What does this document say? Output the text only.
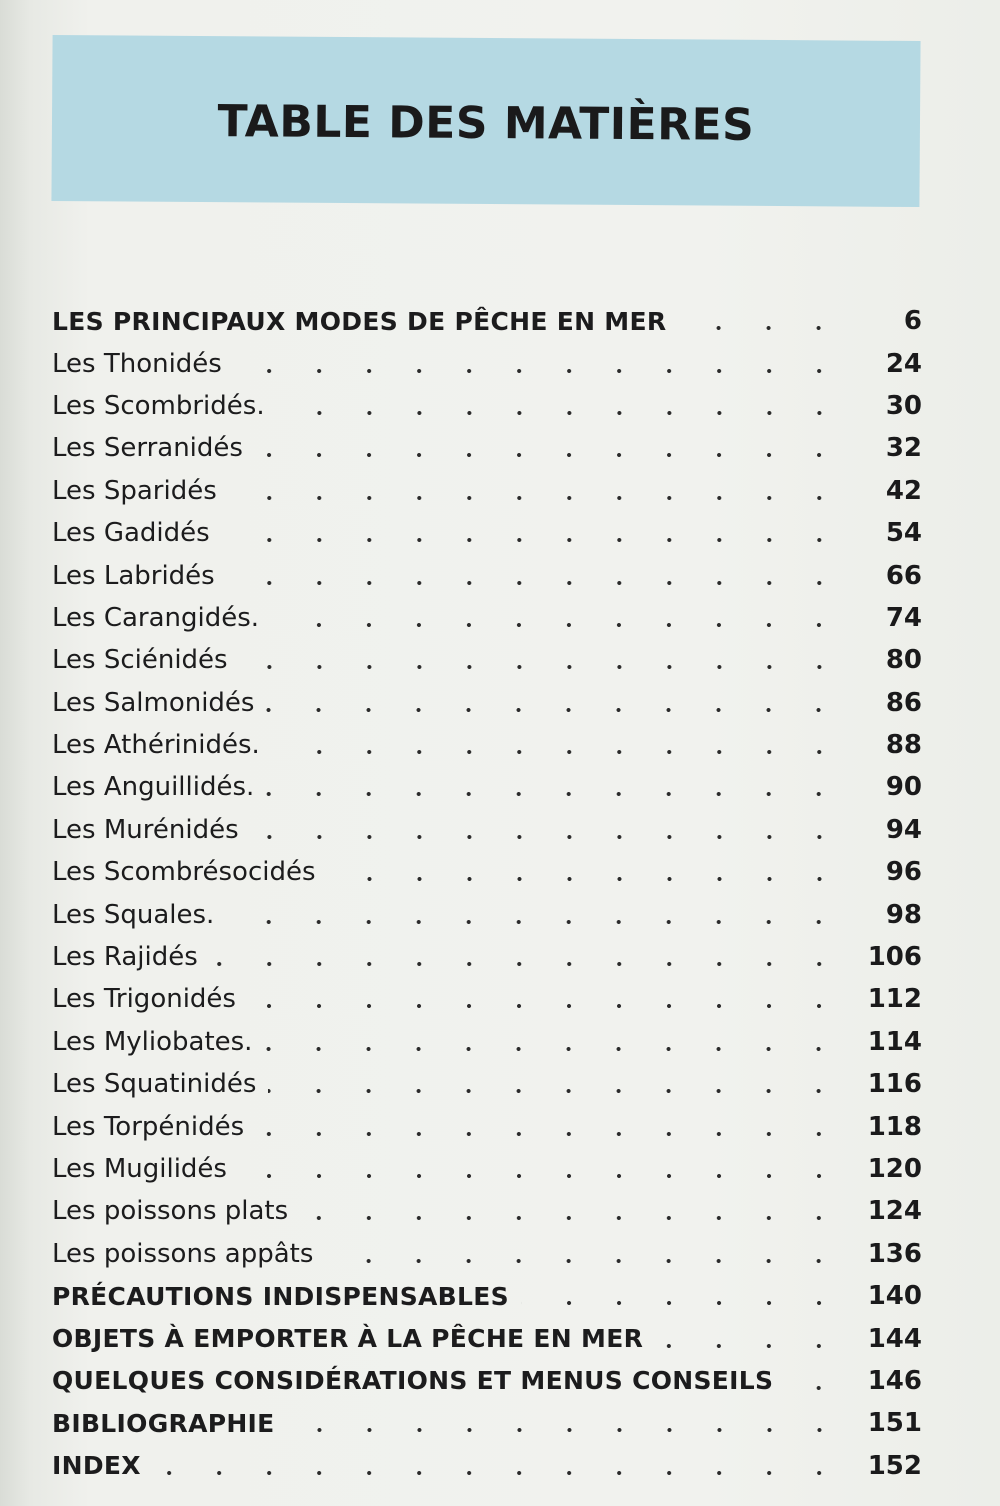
TABLE DES MATIÈRES
LES PRINCIPAUX MODES DE PÊCHE EN MER	6
Les Thonidés	24
Les Scombridés.	30
Les Serranidés	32
Les Sparidés	42
Les Gadidés	54
Les Labridés	66
Les Carangidés.	74
Les Sciénidés	80
Les Salmonidés	86
Les Athérinidés.	88
Les Anguillidés.	90
Les Murénidés	94
Les Scombrésocidés	96
Les Squales.	98
Les Rajidés	106
Les Trigonidés	112
Les Myliobates.	114
Les Squatinidés	116
Les Torpénidés	118
Les Mugilidés	120
Les poissons plats	124
Les poissons appâts	136
PRÉCAUTIONS INDISPENSABLES	140
OBJETS À EMPORTER À LA PÊCHE EN MER	144
QUELQUES CONSIDÉRATIONS ET MENUS CONSEILS	146
BIBLIOGRAPHIE	151
INDEX	152
